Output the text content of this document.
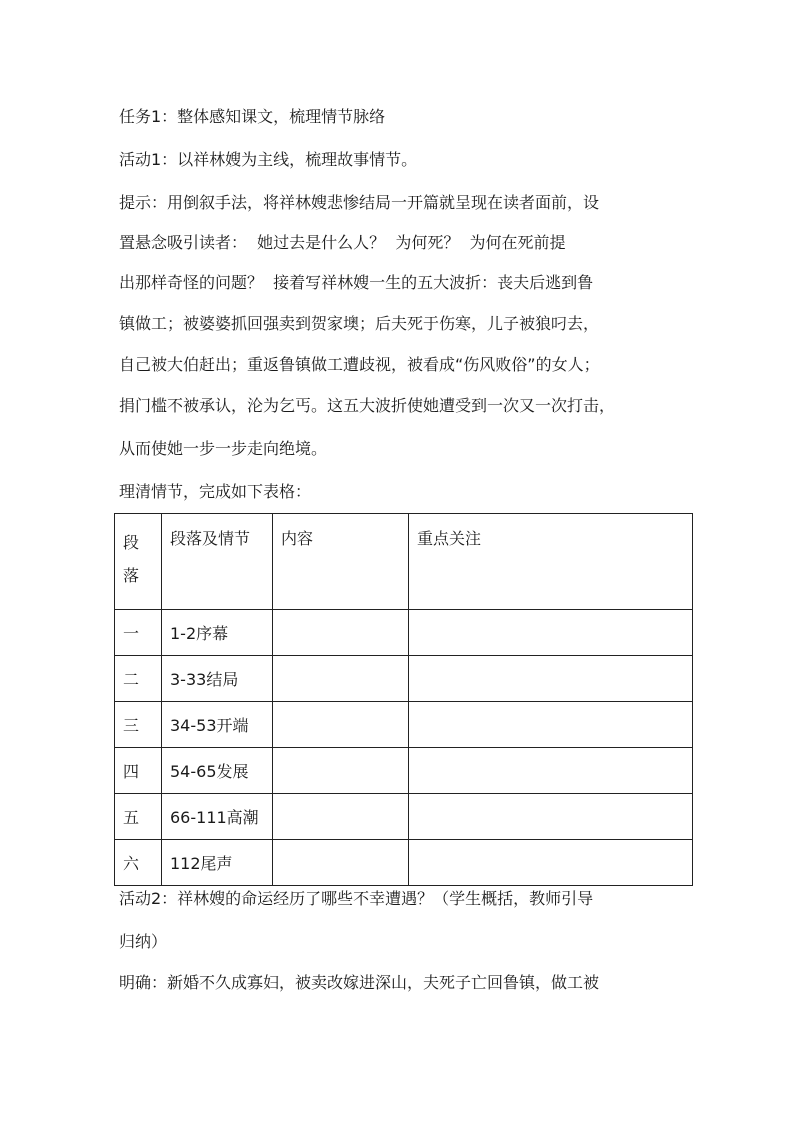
任务1：整体感知课文，梳理情节脉络
活动1：以祥林嫂为主线，梳理故事情节。
提示：用倒叙手法，将祥林嫂悲惨结局一开篇就呈现在读者面前，设
置悬念吸引读者：  她过去是什么人？  为何死？  为何在死前提
出那样奇怪的问题？  接着写祥林嫂一生的五大波折：丧夫后逃到鲁
镇做工；被婆婆抓回强卖到贺家墺；后夫死于伤寒，儿子被狼叼去，
自己被大伯赶出；重返鲁镇做工遭歧视，被看成“伤风败俗”的女人；
捐门槛不被承认，沦为乞丐。这五大波折使她遭受到一次又一次打击，
从而使她一步一步走向绝境。
理清情节，完成如下表格：
段
落	段落及情节	内容	重点关注
一	1-2序幕		
二	3-33结局		
三	34-53开端		
四	54-65发展		
五	66-111高潮		
六	112尾声		
活动2：祥林嫂的命运经历了哪些不幸遭遇？（学生概括，教师引导
归纳）
明确：新婚不久成寡妇，被卖改嫁进深山，夫死子亡回鲁镇，做工被
